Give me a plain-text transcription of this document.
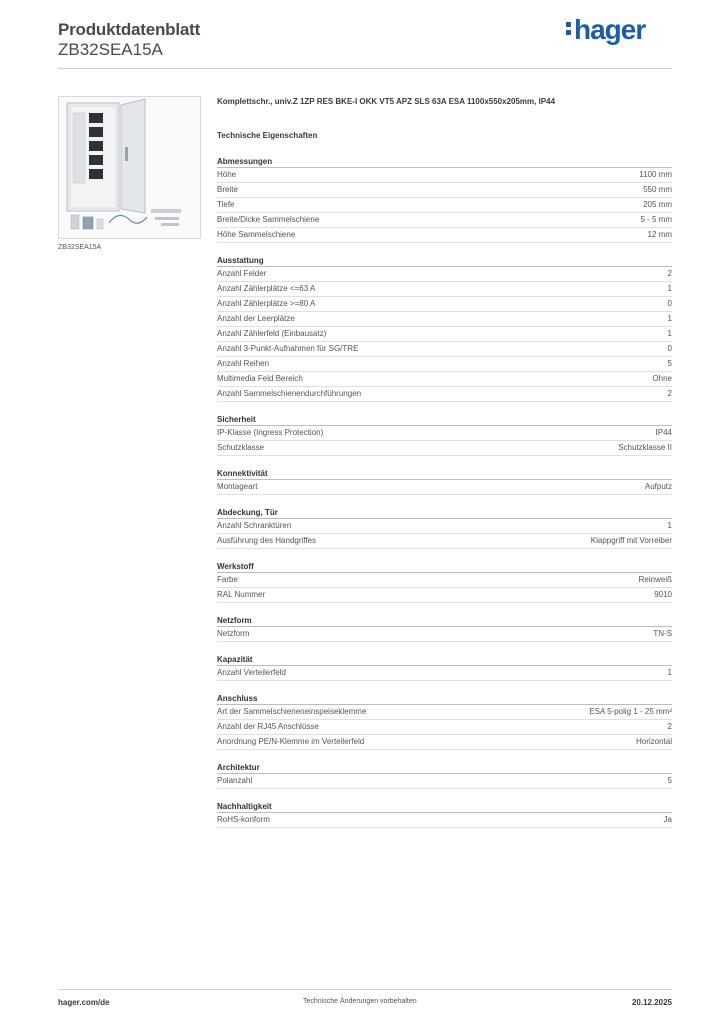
Produktdatenblatt
ZB32SEA15A
hager
ZB32SEA15A
Komplettschr., univ.Z 1ZP RES BKE-I OKK VT5 APZ SLS 63A ESA 1100x550x205mm, IP44
Technische Eigenschaften
Abmessungen
Höhe	1100 mm
Breite	550 mm
Tiefe	205 mm
Breite/Dicke Sammelschiene	5 - 5 mm
Höhe Sammelschiene	12 mm
Ausstattung
Anzahl Felder	2
Anzahl Zählerplätze <=63 A	1
Anzahl Zählerplätze >=80 A	0
Anzahl der Leerplätze	1
Anzahl Zählerfeld (Einbausatz)	1
Anzahl 3-Punkt-Aufnahmen für SG/TRE	0
Anzahl Reihen	5
Multimedia Feld Bereich	Ohne
Anzahl Sammelschienendurchführungen	2
Sicherheit
IP-Klasse (Ingress Protection)	IP44
Schutzklasse	Schutzklasse II
Konnektivität
Montageart	Aufputz
Abdeckung, Tür
Anzahl Schranktüren	1
Ausführung des Handgriffes	Klappgriff mit Vorreiber
Werkstoff
Farbe	Reinweiß
RAL Nummer	9010
Netzform
Netzform	TN-S
Kapazität
Anzahl Verteilerfeld	1
Anschluss
Art der Sammelschieneneinspeiseklemme	ESA 5-polig 1 - 25 mm²
Anzahl der RJ45 Anschlüsse	2
Anordnung PE/N-Klemme im Verteilerfeld	Horizontal
Architektur
Polanzahl	5
Nachhaltigkeit
RoHS-konform	Ja
hager.com/de	Technische Änderungen vorbehalten	20.12.2025
